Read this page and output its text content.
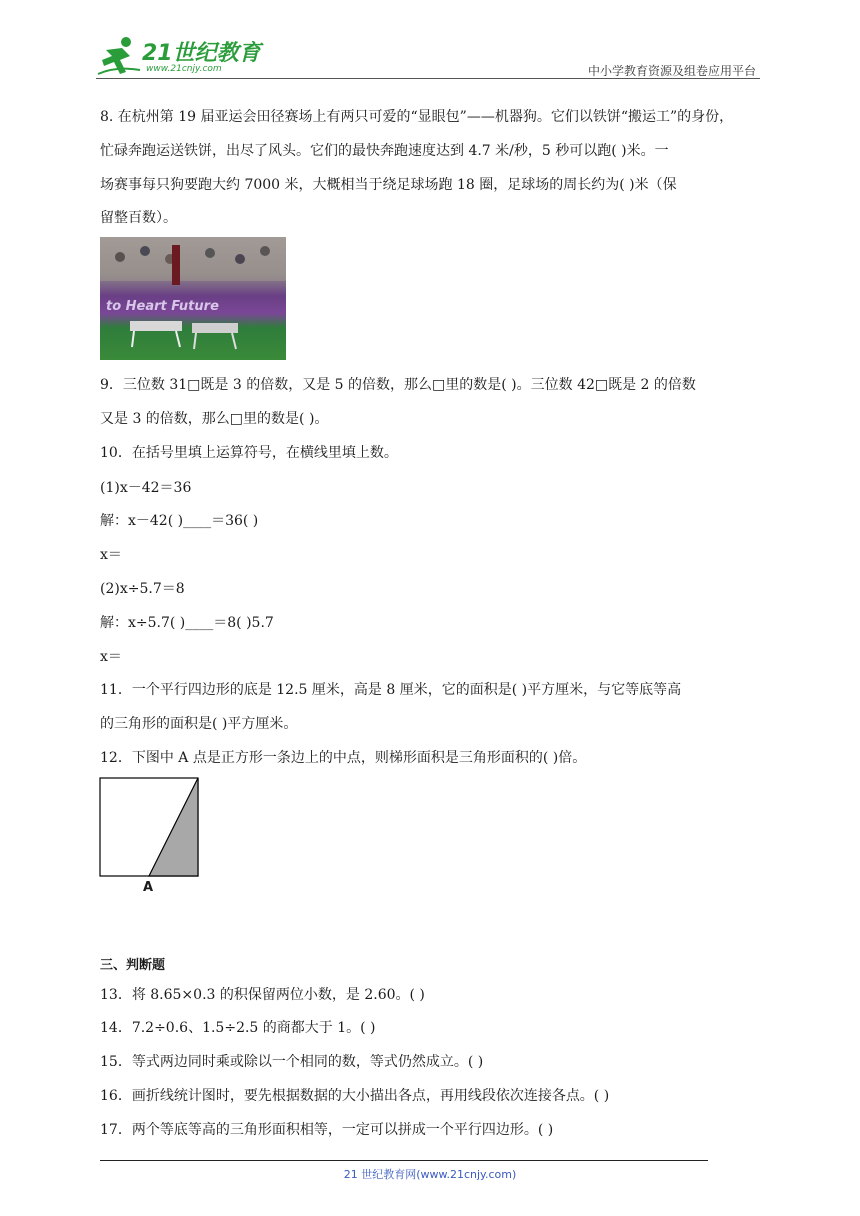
21世纪教育
www.21cnjy.com	中小学教育资源及组卷应用平台
8. 在杭州第 19 届亚运会田径赛场上有两只可爱的“显眼包”——机器狗。它们以铁饼“搬运工”的身份，
忙碌奔跑运送铁饼，出尽了风头。它们的最快奔跑速度达到 4.7 米/秒，5 秒可以跑( )米。一
场赛事每只狗要跑大约 7000 米，大概相当于绕足球场跑 18 圈，足球场的周长约为( )米（保
留整百数）。
to Heart Future
9．三位数 31□既是 3 的倍数，又是 5 的倍数，那么□里的数是( )。三位数 42□既是 2 的倍数
又是 3 的倍数，那么□里的数是( )。
10．在括号里填上运算符号，在横线里填上数。
(1)x－42＝36
解：x－42( )____＝36( )
x＝
(2)x÷5.7＝8
解：x÷5.7( )____＝8( )5.7
x＝
11．一个平行四边形的底是 12.5 厘米，高是 8 厘米，它的面积是( )平方厘米，与它等底等高
的三角形的面积是( )平方厘米。
12．下图中 A 点是正方形一条边上的中点，则梯形面积是三角形面积的( )倍。
A
三、判断题
13．将 8.65×0.3 的积保留两位小数，是 2.60。( )
14．7.2÷0.6、1.5÷2.5 的商都大于 1。( )
15．等式两边同时乘或除以一个相同的数，等式仍然成立。( )
16．画折线统计图时，要先根据数据的大小描出各点，再用线段依次连接各点。( )
17．两个等底等高的三角形面积相等，一定可以拼成一个平行四边形。( )
21 世纪教育网(www.21cnjy.com)
